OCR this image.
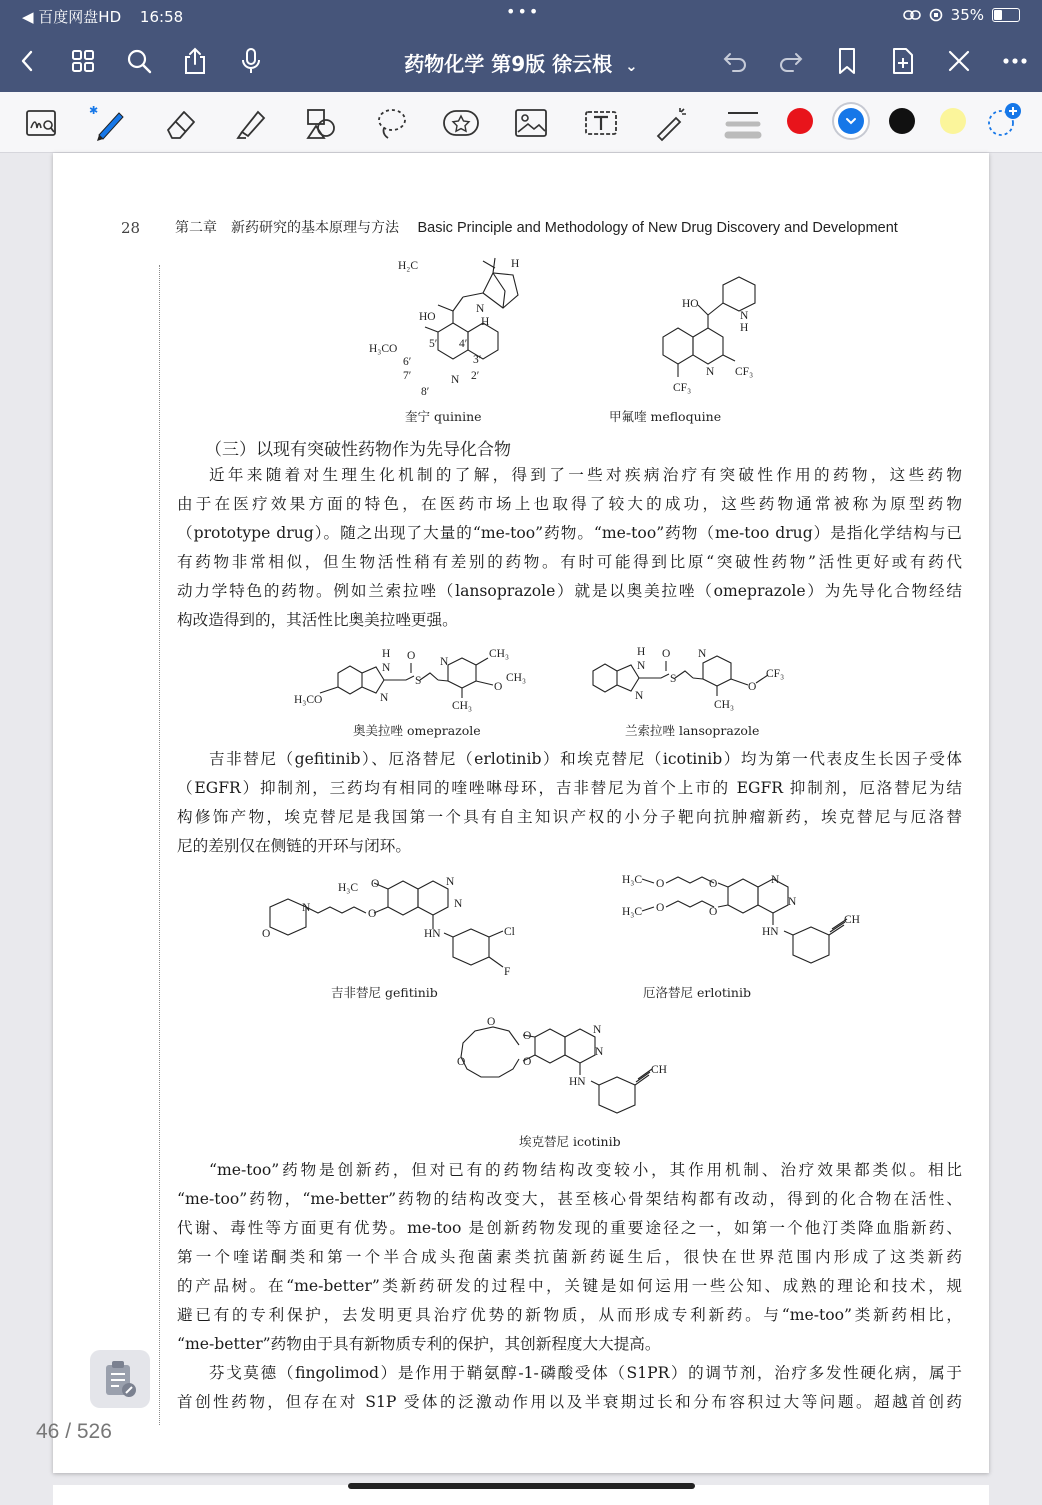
◀ 百度网盘HD 16:58	•••	35%
药物化学 第9版 徐云根 ⌄
✱
28 第二章　新药研究的基本原理与方法 Basic Principle and Methodology of New Drug Discovery and Development
H₂C	H
N
H
HO
H₃CO
N
5′
6′
7′
8′
4′
3′
2′
HO
N
H
N CF₃
CF₃
奎宁 quinine	甲氟喹 mefloquine
（三）以现有突破性药物作为先导化合物
近年来随着对生理生化机制的了解，得到了一些对疾病治疗有突破性作用的药物，这些药物
由于在医疗效果方面的特色，在医药市场上也取得了较大的成功，这些药物通常被称为原型药物
（prototype drug）。随之出现了大量的“me-too”药物。“me-too”药物（me-too drug）是指化学结构与已
有药物非常相似，但生物活性稍有差别的药物。有时可能得到比原“突破性药物”活性更好或有药代
动力学特色的药物。例如兰索拉唑（lansoprazole）就是以奥美拉唑（omeprazole）为先导化合物经结
构改造得到的，其活性比奥美拉唑更强。
H
N
N
O
S
N
CH₃
O
CH₃
CH₃
H₃CO
H
N
N
O
S
N
O
CF₃
CH₃
奥美拉唑 omeprazole	兰索拉唑 lansoprazole
吉非替尼（gefitinib）、厄洛替尼（erlotinib）和埃克替尼（icotinib）均为第一代表皮生长因子受体
（EGFR）抑制剂，三药均有相同的喹唑啉母环，吉非替尼为首个上市的 EGFR 抑制剂，厄洛替尼为结
构修饰产物，埃克替尼是我国第一个具有自主知识产权的小分子靶向抗肿瘤新药，埃克替尼与厄洛替
尼的差别仅在侧链的开环与闭环。
H₃C O
O
N
O
N
N
HN	Cl
F
H₃C
H₃C
O
O
O
O
N
N
HN
CH
吉非替尼 gefitinib	厄洛替尼 erlotinib
O
O
O
O
N
N
HN
CH
埃克替尼 icotinib
“me-too”药物是创新药，但对已有的药物结构改变较小，其作用机制、治疗效果都类似。相比
“me-too”药物，“me-better”药物的结构改变大，甚至核心骨架结构都有改动，得到的化合物在活性、
代谢、毒性等方面更有优势。me-too 是创新药物发现的重要途径之一，如第一个他汀类降血脂新药、
第一个喹诺酮类和第一个半合成头孢菌素类抗菌新药诞生后，很快在世界范围内形成了这类新药
的产品树。在“me-better”类新药研发的过程中，关键是如何运用一些公知、成熟的理论和技术，规
避已有的专利保护，去发明更具治疗优势的新物质，从而形成专利新药。与“me-too”类新药相比，
“me-better”药物由于具有新物质专利的保护，其创新程度大大提高。
芬戈莫德（fingolimod）是作用于鞘氨醇-1-磷酸受体（S1PR）的调节剂，治疗多发性硬化病，属于
首创性药物，但存在对 S1P 受体的泛激动作用以及半衰期过长和分布容积过大等问题。超越首创药
46 / 526
